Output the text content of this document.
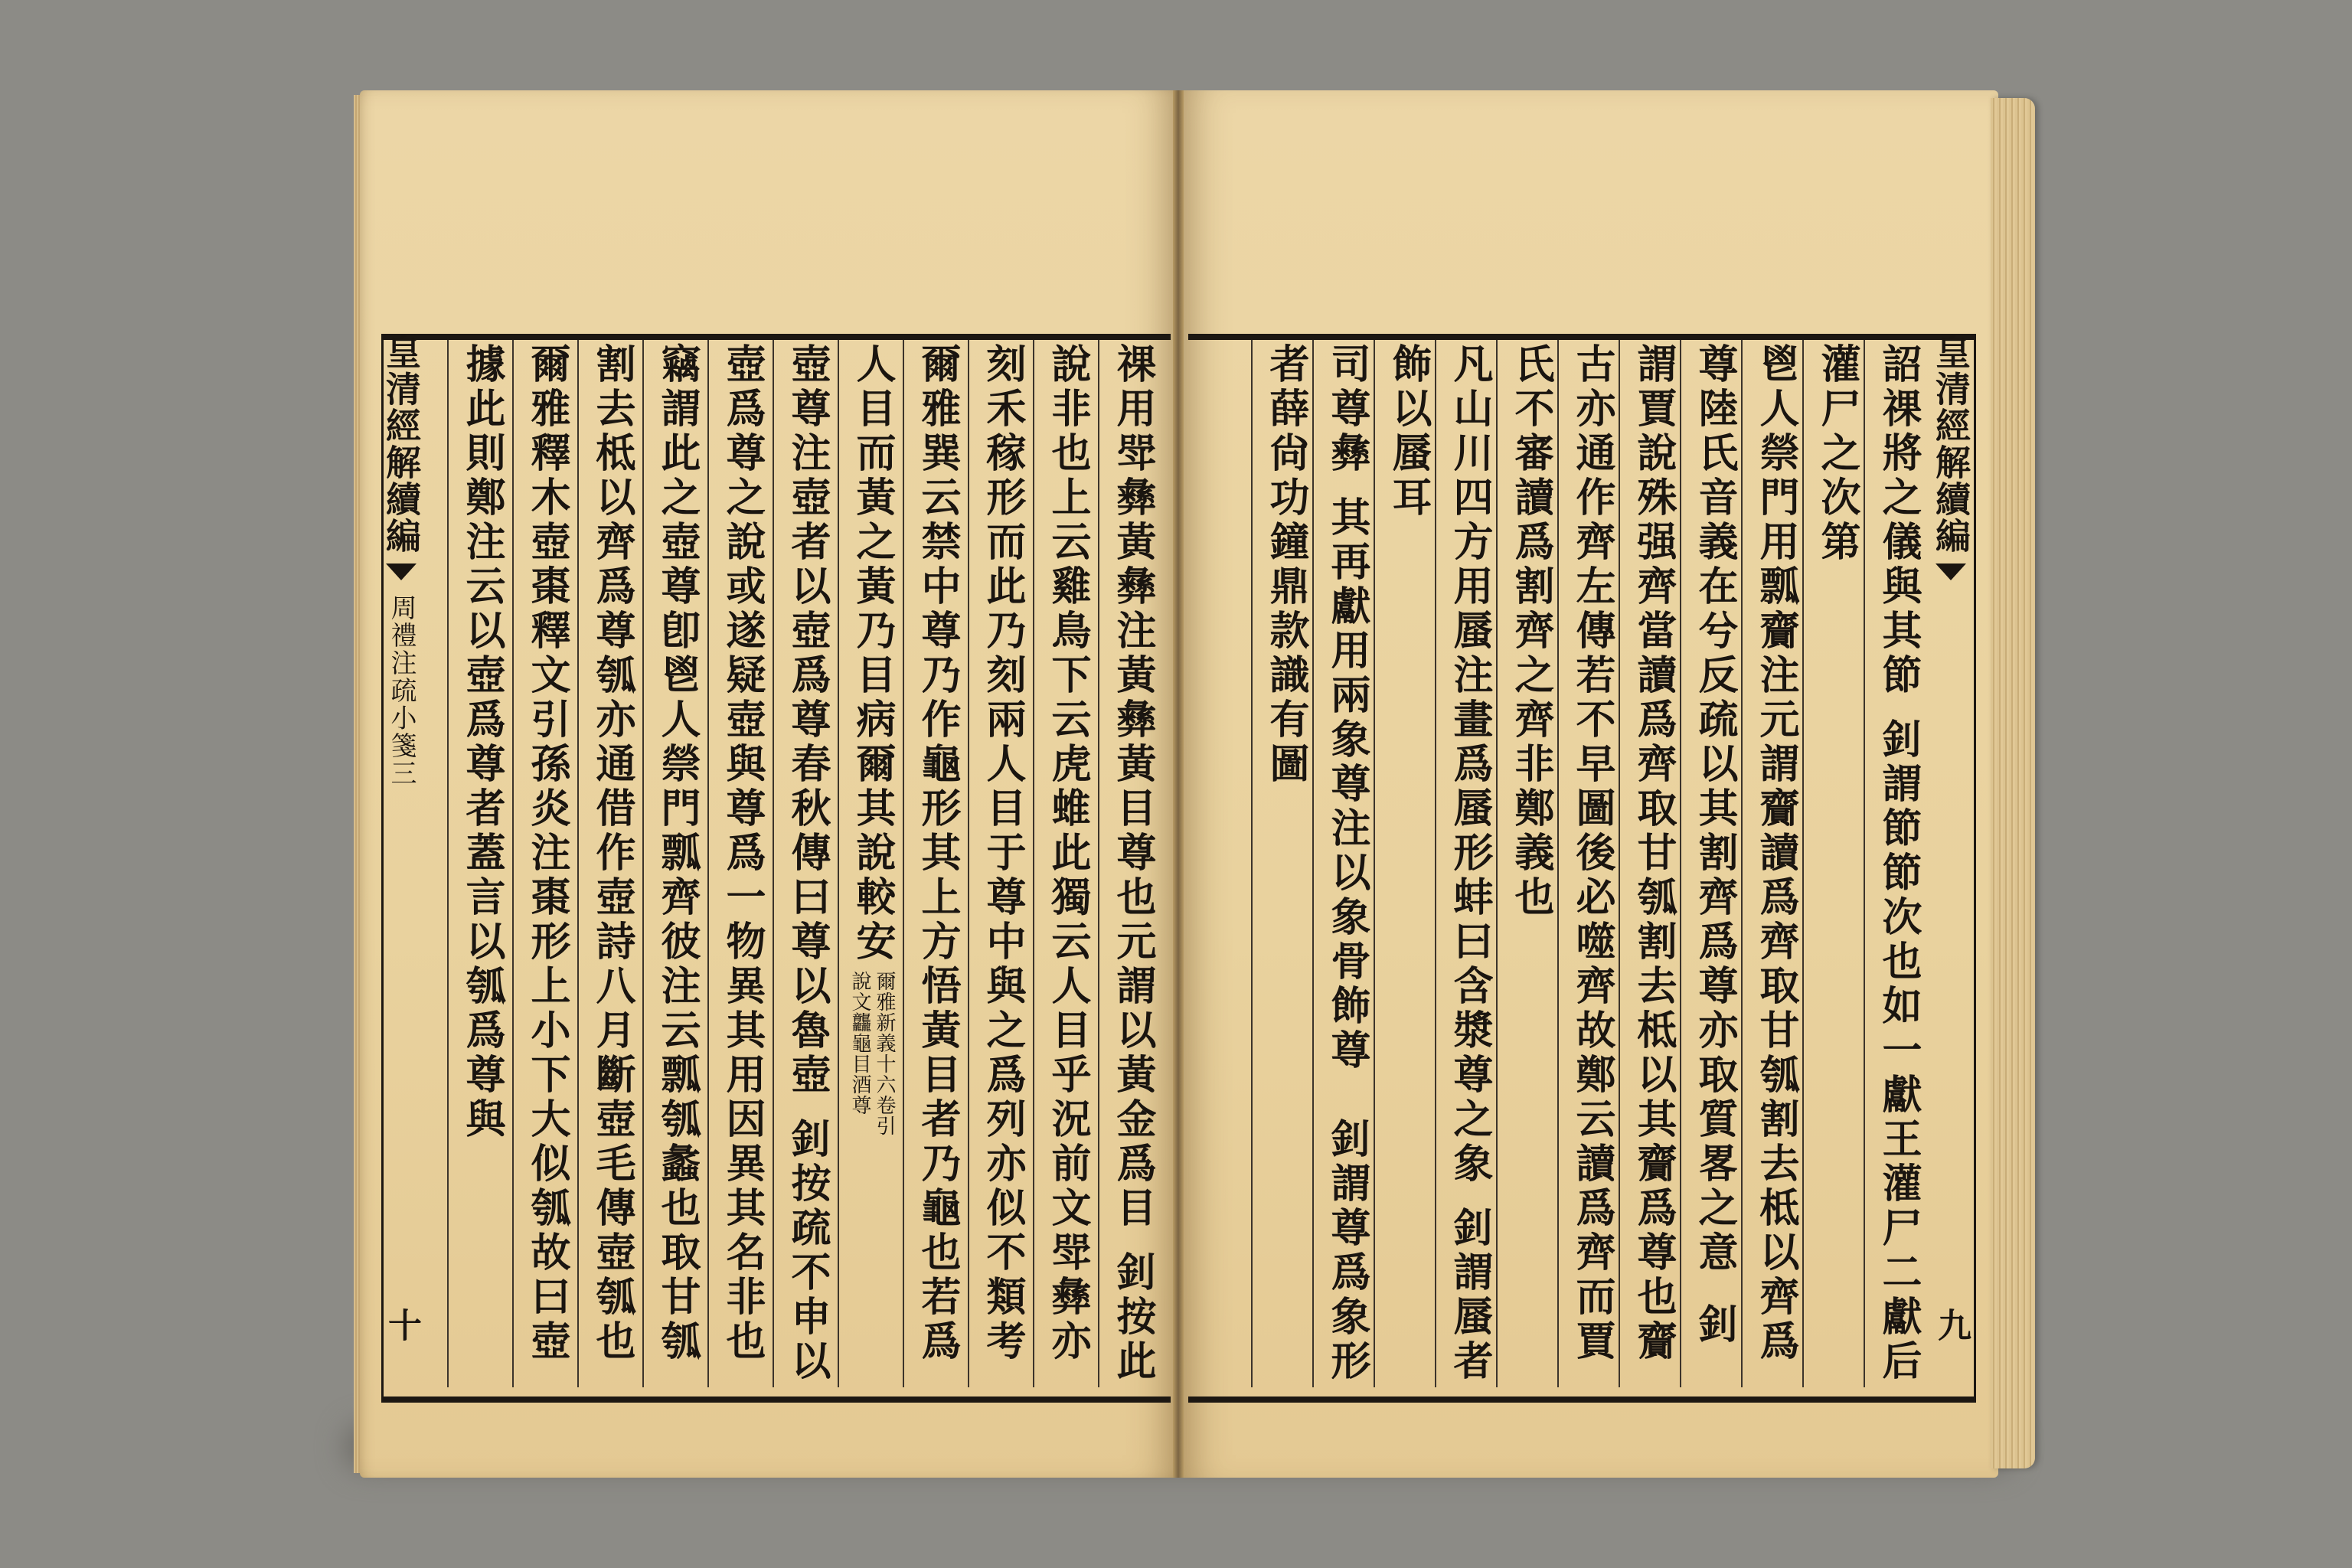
皇清經解續編
周禮注疏小箋三
十
皇清經解續編
九
祼用斝彝黃彝注黃彝黃目尊也元謂以黃金爲目
釗按此
說非也上云雞鳥下云虎蜼此獨云人目乎況前文斝彝亦
刻禾稼形而此乃刻兩人目于尊中與之爲列亦似不類考
爾雅巽云禁中尊乃作龜形其上方悟黃目者乃龜也若爲
人目而黃之黃乃目病爾其說較安
爾雅新義十六卷引
說文龘龜目酒尊
壺尊注壺者以壺爲尊春秋傳曰尊以魯壺
釗按疏不申以
壺爲尊之說或遂疑壺與尊爲一物異其用因異其名非也
竊謂此之壺尊卽鬯人禜門瓢齊彼注云瓢瓠蠡也取甘瓠
割去柢以齊爲尊瓠亦通借作壺詩八月斷壺毛傳壺瓠也
爾雅釋木壺棗釋文引孫炎注棗形上小下大似瓠故曰壺
據此則鄭注云以壺爲尊者蓋言以瓠爲尊與	詔祼將之儀與其節
釗謂節節次也如一獻王灌尸二獻后
灌尸之次第
鬯人禜門用瓢齎注元謂齎讀爲齊取甘瓠割去柢以齊爲
尊陸氏音義在兮反疏以其割齊爲尊亦取質畧之意
釗
謂賈說殊强齊當讀爲齊取甘瓠割去柢以其齎爲尊也齎
古亦通作齊左傳若不早圖後必噬齊故鄭云讀爲齊而賈
氏不審讀爲割齊之齊非鄭義也
凡山川四方用蜃注畫爲蜃形蚌曰含漿尊之象
釗謂蜃者
飾以蜃耳
司尊彝
其再獻用兩象尊注以象骨飾尊　釗謂尊爲象形
者薛尙功鐘鼎款識有圖
